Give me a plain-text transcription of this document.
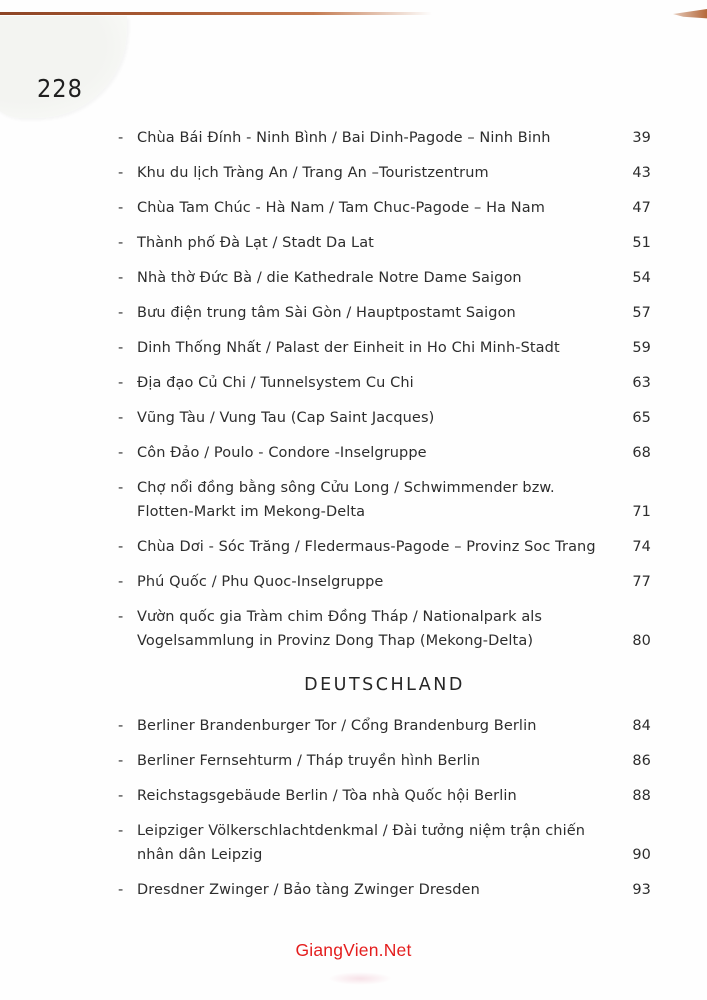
228
- Chùa Bái Đính - Ninh Bình / Bai Dinh-Pagode – Ninh Binh	39
- Khu du lịch Tràng An / Trang An –Touristzentrum	43
- Chùa Tam Chúc - Hà Nam / Tam Chuc-Pagode – Ha Nam	47
- Thành phố Đà Lạt / Stadt Da Lat	51
- Nhà thờ Đức Bà / die Kathedrale Notre Dame Saigon	54
- Bưu điện trung tâm Sài Gòn / Hauptpostamt Saigon	57
- Dinh Thống Nhất / Palast der Einheit in Ho Chi Minh-Stadt	59
- Địa đạo Củ Chi / Tunnelsystem Cu Chi	63
- Vũng Tàu / Vung Tau (Cap Saint Jacques)	65
- Côn Đảo / Poulo - Condore -Inselgruppe	68
- Chợ nổi đồng bằng sông Cửu Long / Schwimmender bzw. Flotten-Markt im Mekong-Delta	71
- Chùa Dơi - Sóc Trăng / Fledermaus-Pagode – Provinz Soc Trang	74
- Phú Quốc / Phu Quoc-Inselgruppe	77
- Vườn quốc gia Tràm chim Đồng Tháp / Nationalpark als Vogelsammlung in Provinz Dong Thap (Mekong-Delta)	80
DEUTSCHLAND
- Berliner Brandenburger Tor / Cổng Brandenburg Berlin	84
- Berliner Fernsehturm / Tháp truyền hình Berlin	86
- Reichstagsgebäude Berlin / Tòa nhà Quốc hội Berlin	88
- Leipziger Völkerschlachtdenkmal / Đài tưởng niệm trận chiến nhân dân Leipzig	90
- Dresdner Zwinger / Bảo tàng Zwinger Dresden	93
GiangVien.Net
